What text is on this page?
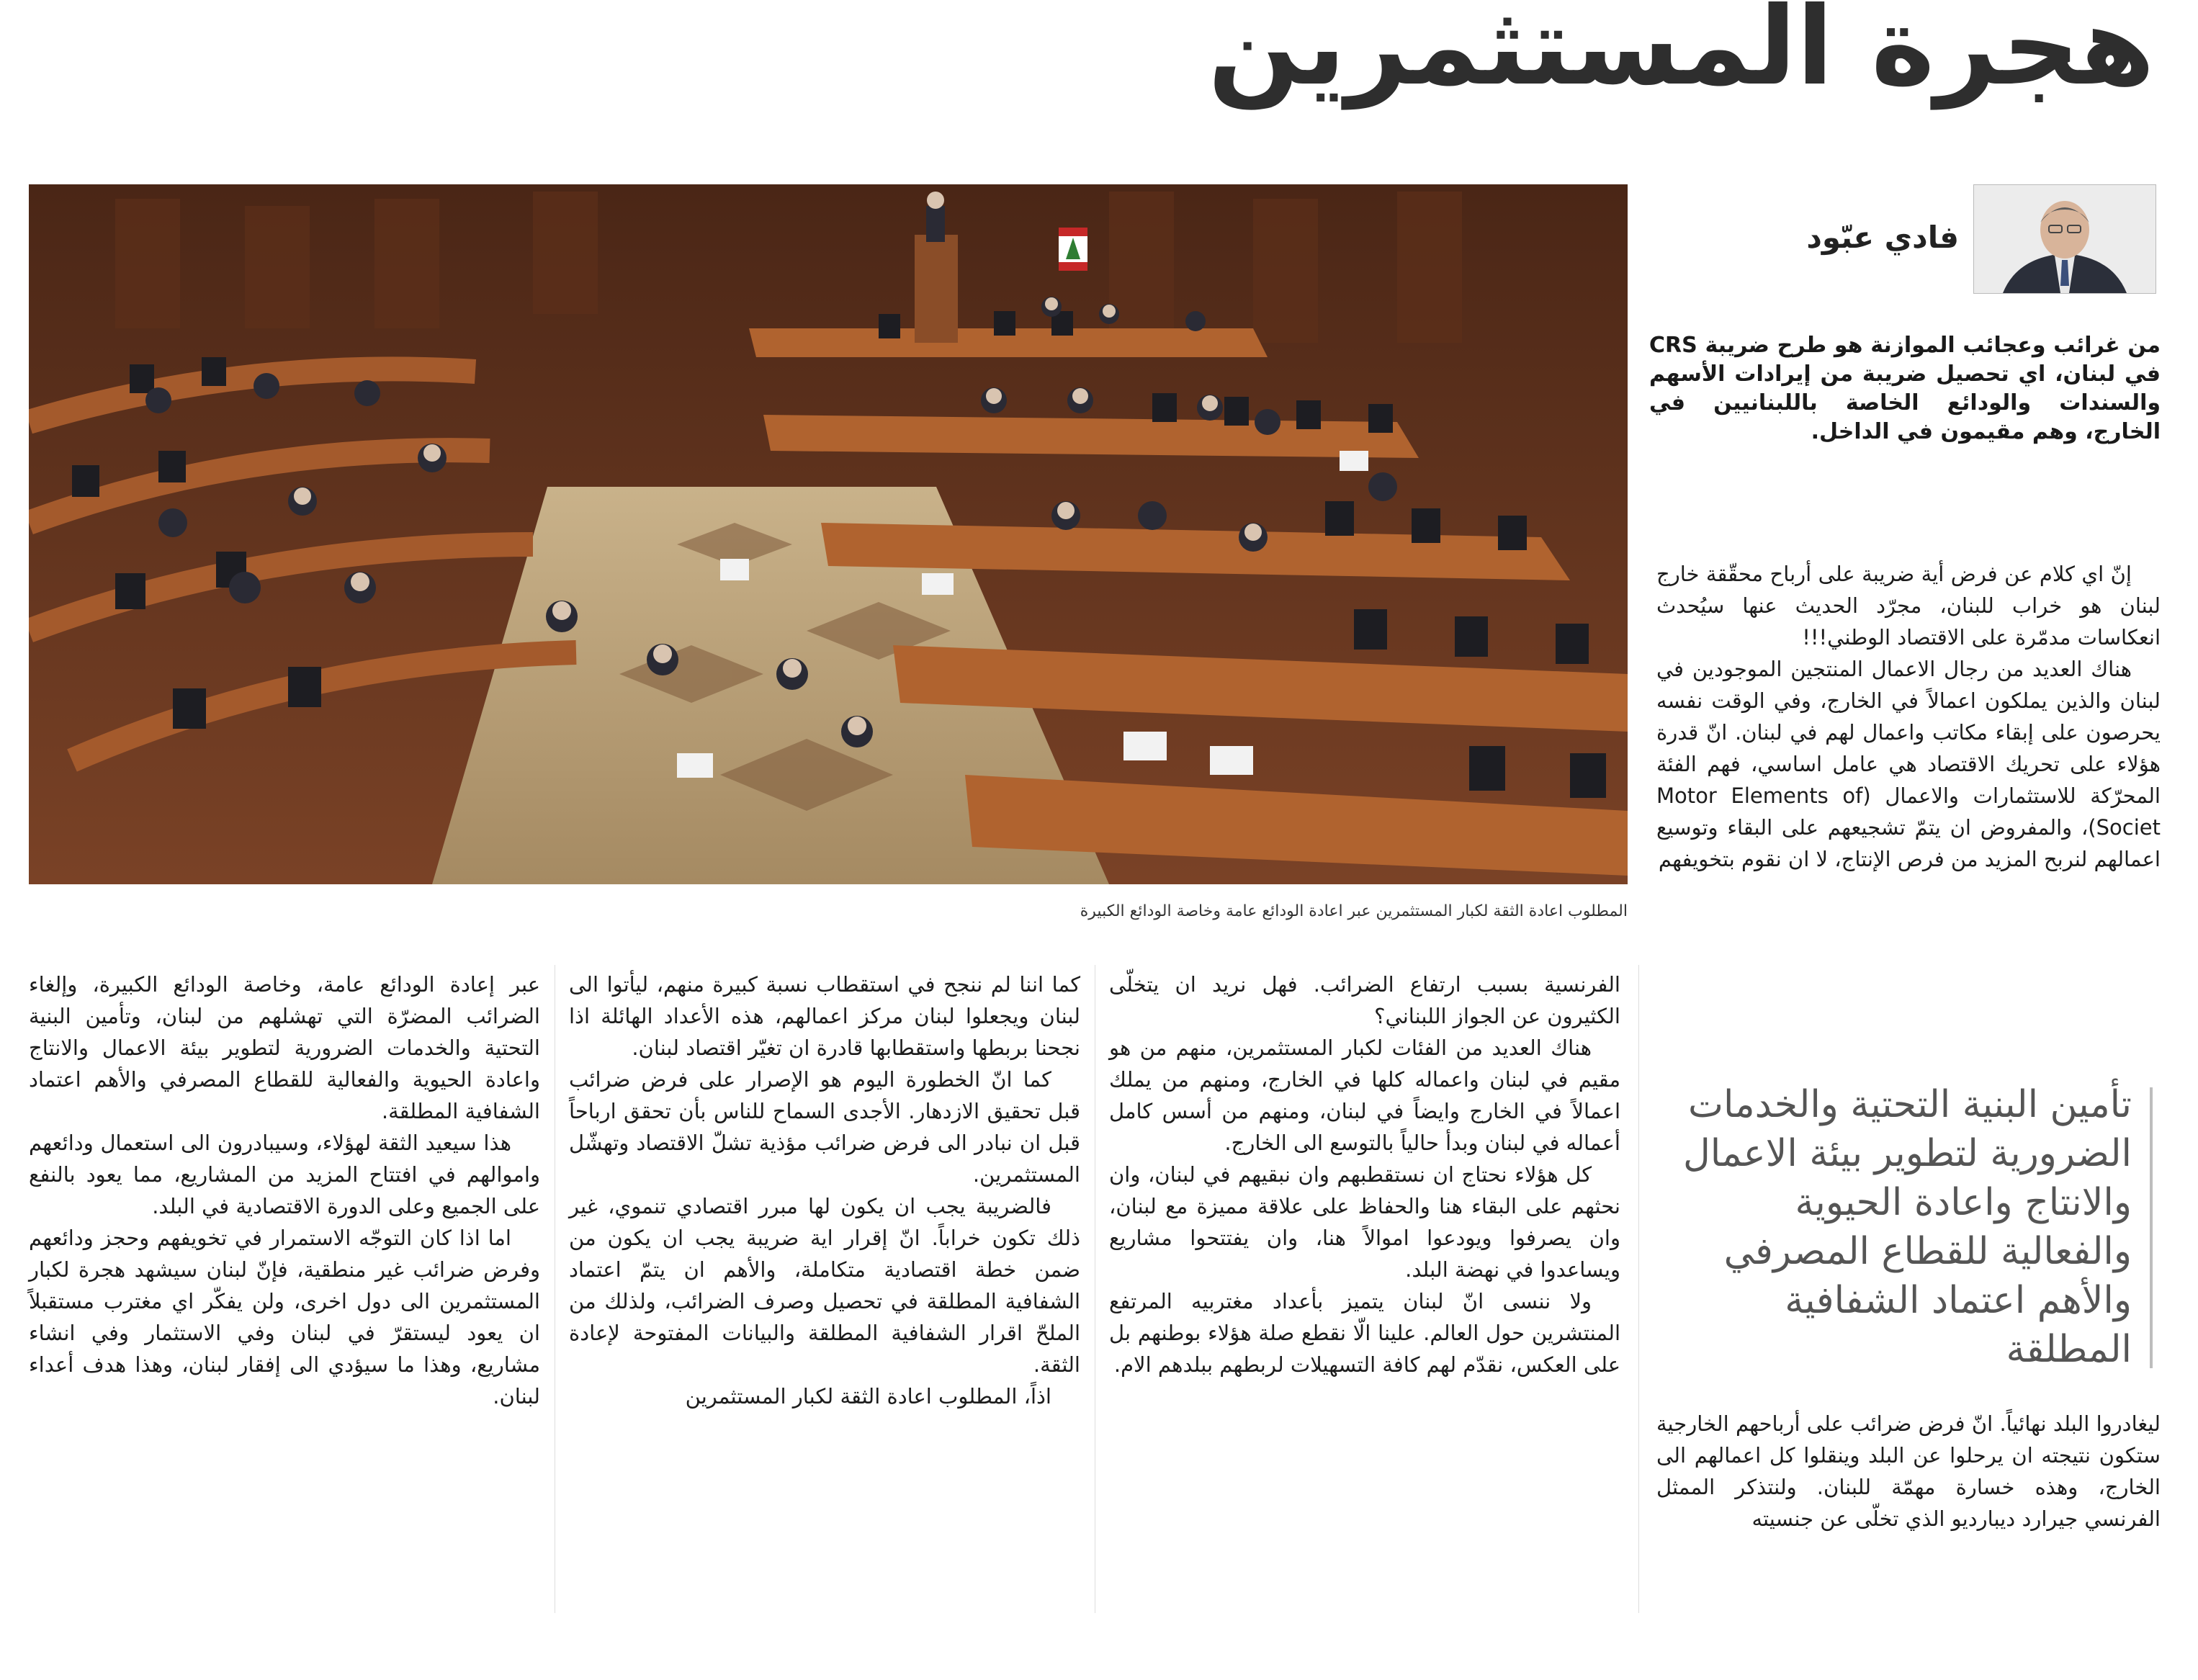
هجرة المستثمرين
المطلوب اعادة الثقة لكبار المستثمرين عبر اعادة الودائع عامة وخاصة الودائع الكبيرة
فادي عبّود
من غرائب وعجائب الموازنة هو طرح ضريبة CRS في لبنان، اي تحصيل ضريبة من إيرادات الأسهم والسندات والودائع الخاصة باللبنانيين في الخارج، وهم مقيمون في الداخل.

إنّ اي كلام عن فرض أية ضريبة على أرباح محقّقة خارج لبنان هو خراب للبنان، مجرّد الحديث عنها سيُحدث انعكاسات مدمّرة على الاقتصاد الوطني!!!

هناك العديد من رجال الاعمال المنتجين الموجودين في لبنان والذين يملكون اعمالاً في الخارج، وفي الوقت نفسه يحرصون على إبقاء مكاتب واعمال لهم في لبنان. انّ قدرة هؤلاء على تحريك الاقتصاد هي عامل اساسي، فهم الفئة المحرّكة للاستثمارات والاعمال (Motor Elements of Societ)، والمفروض ان يتمّ تشجيعهم على البقاء وتوسيع اعمالهم لنربح المزيد من فرص الإنتاج، لا ان نقوم بتخويفهم

تأمين البنية التحتية والخدمات الضرورية لتطوير بيئة الاعمال والانتاج واعادة الحيوية والفعالية للقطاع المصرفي والأهم اعتماد الشفافية المطلقة

ليغادروا البلد نهائياً. انّ فرض ضرائب على أرباحهم الخارجية ستكون نتيجته ان يرحلوا عن البلد وينقلوا كل اعمالهم الى الخارج، وهذه خسارة مهمّة للبنان. ولنتذكر الممثل الفرنسي جيرارد ديبارديو الذي تخلّى عن جنسيته

الفرنسية بسبب ارتفاع الضرائب. فهل نريد ان يتخلّى الكثيرون عن الجواز اللبناني؟

هناك العديد من الفئات لكبار المستثمرين، منهم من هو مقيم في لبنان واعماله كلها في الخارج، ومنهم من يملك اعمالاً في الخارج وايضاً في لبنان، ومنهم من أسس كامل أعماله في لبنان وبدأ حالياً بالتوسع الى الخارج.

كل هؤلاء نحتاج ان نستقطبهم وان نبقيهم في لبنان، وان نحثهم على البقاء هنا والحفاظ على علاقة مميزة مع لبنان، وان يصرفوا ويودعوا اموالاً هنا، وان يفتتحوا مشاريع ويساعدوا في نهضة البلد.

ولا ننسى انّ لبنان يتميز بأعداد مغتربيه المرتفع المنتشرين حول العالم. علينا الّا نقطع صلة هؤلاء بوطنهم بل على العكس، نقدّم لهم كافة التسهيلات لربطهم ببلدهم الام.

كما اننا لم ننجح في استقطاب نسبة كبيرة منهم، ليأتوا الى لبنان ويجعلوا لبنان مركز اعمالهم، هذه الأعداد الهائلة اذا نجحنا بربطها واستقطابها قادرة ان تغيّر اقتصاد لبنان.

كما انّ الخطورة اليوم هو الإصرار على فرض ضرائب قبل تحقيق الازدهار. الأجدى السماح للناس بأن تحقق ارباحاً قبل ان نبادر الى فرض ضرائب مؤذية تشلّ الاقتصاد وتهشّل المستثمرين.

فالضريبة يجب ان يكون لها مبرر اقتصادي تنموي، غير ذلك تكون خراباً. انّ إقرار اية ضريبة يجب ان يكون من ضمن خطة اقتصادية متكاملة، والأهم ان يتمّ اعتماد الشفافية المطلقة في تحصيل وصرف الضرائب، ولذلك من الملحّ اقرار الشفافية المطلقة والبيانات المفتوحة لإعادة الثقة.

اذاً، المطلوب اعادة الثقة لكبار المستثمرين

عبر إعادة الودائع عامة، وخاصة الودائع الكبيرة، وإلغاء الضرائب المضرّة التي تهشلهم من لبنان، وتأمين البنية التحتية والخدمات الضرورية لتطوير بيئة الاعمال والانتاج واعادة الحيوية والفعالية للقطاع المصرفي والأهم اعتماد الشفافية المطلقة.

هذا سيعيد الثقة لهؤلاء، وسيبادرون الى استعمال ودائعهم واموالهم في افتتاح المزيد من المشاريع، مما يعود بالنفع على الجميع وعلى الدورة الاقتصادية في البلد.

اما اذا كان التوجّه الاستمرار في تخويفهم وحجز ودائعهم وفرض ضرائب غير منطقية، فإنّ لبنان سيشهد هجرة لكبار المستثمرين الى دول اخرى، ولن يفكّر اي مغترب مستقبلاً ان يعود ليستقرّ في لبنان وفي الاستثمار وفي انشاء مشاريع، وهذا ما سيؤدي الى إفقار لبنان، وهذا هدف أعداء لبنان.
